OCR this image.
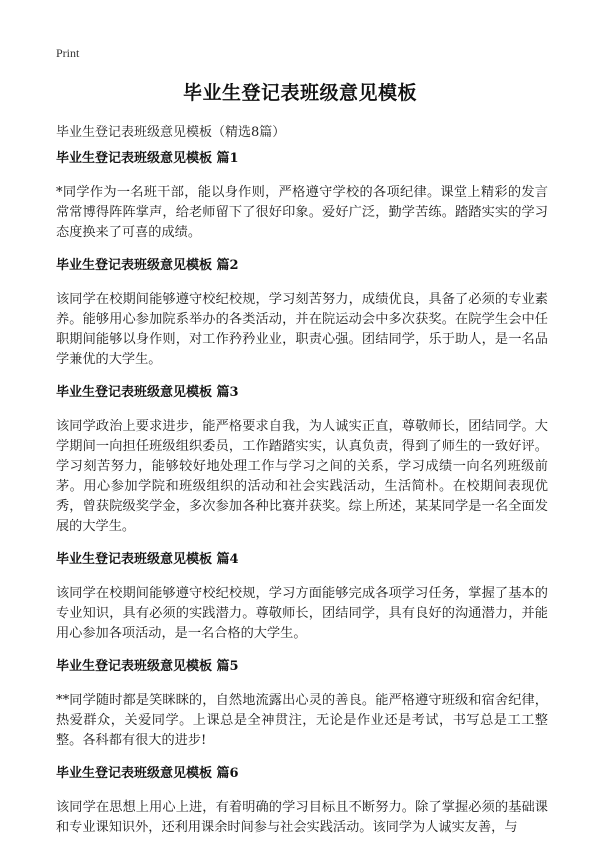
Print
毕业生登记表班级意见模板
毕业生登记表班级意见模板（精选8篇）
毕业生登记表班级意见模板 篇1
*同学作为一名班干部，能以身作则，严格遵守学校的各项纪律。课堂上精彩的发言常常博得阵阵掌声，给老师留下了很好印象。爱好广泛，勤学苦练。踏踏实实的学习态度换来了可喜的成绩。
毕业生登记表班级意见模板 篇2
该同学在校期间能够遵守校纪校规，学习刻苦努力，成绩优良，具备了必须的专业素养。能够用心参加院系举办的各类活动，并在院运动会中多次获奖。在院学生会中任职期间能够以身作则，对工作矜矜业业，职责心强。团结同学，乐于助人，是一名品学兼优的大学生。
毕业生登记表班级意见模板 篇3
该同学政治上要求进步，能严格要求自我，为人诚实正直，尊敬师长，团结同学。大学期间一向担任班级组织委员，工作踏踏实实，认真负责，得到了师生的一致好评。学习刻苦努力，能够较好地处理工作与学习之间的关系，学习成绩一向名列班级前茅。用心参加学院和班级组织的活动和社会实践活动，生活简朴。在校期间表现优秀，曾获院级奖学金，多次参加各种比赛并获奖。综上所述，某某同学是一名全面发展的大学生。
毕业生登记表班级意见模板 篇4
该同学在校期间能够遵守校纪校规，学习方面能够完成各项学习任务，掌握了基本的专业知识，具有必须的实践潜力。尊敬师长，团结同学，具有良好的沟通潜力，并能用心参加各项活动，是一名合格的大学生。
毕业生登记表班级意见模板 篇5
**同学随时都是笑眯眯的，自然地流露出心灵的善良。能严格遵守班级和宿舍纪律，热爱群众，关爱同学。上课总是全神贯注，无论是作业还是考试，书写总是工工整整。各科都有很大的进步!
毕业生登记表班级意见模板 篇6
该同学在思想上用心上进，有着明确的学习目标且不断努力。除了掌握必须的基础课和专业课知识外，还利用课余时间参与社会实践活动。该同学为人诚实友善，与
